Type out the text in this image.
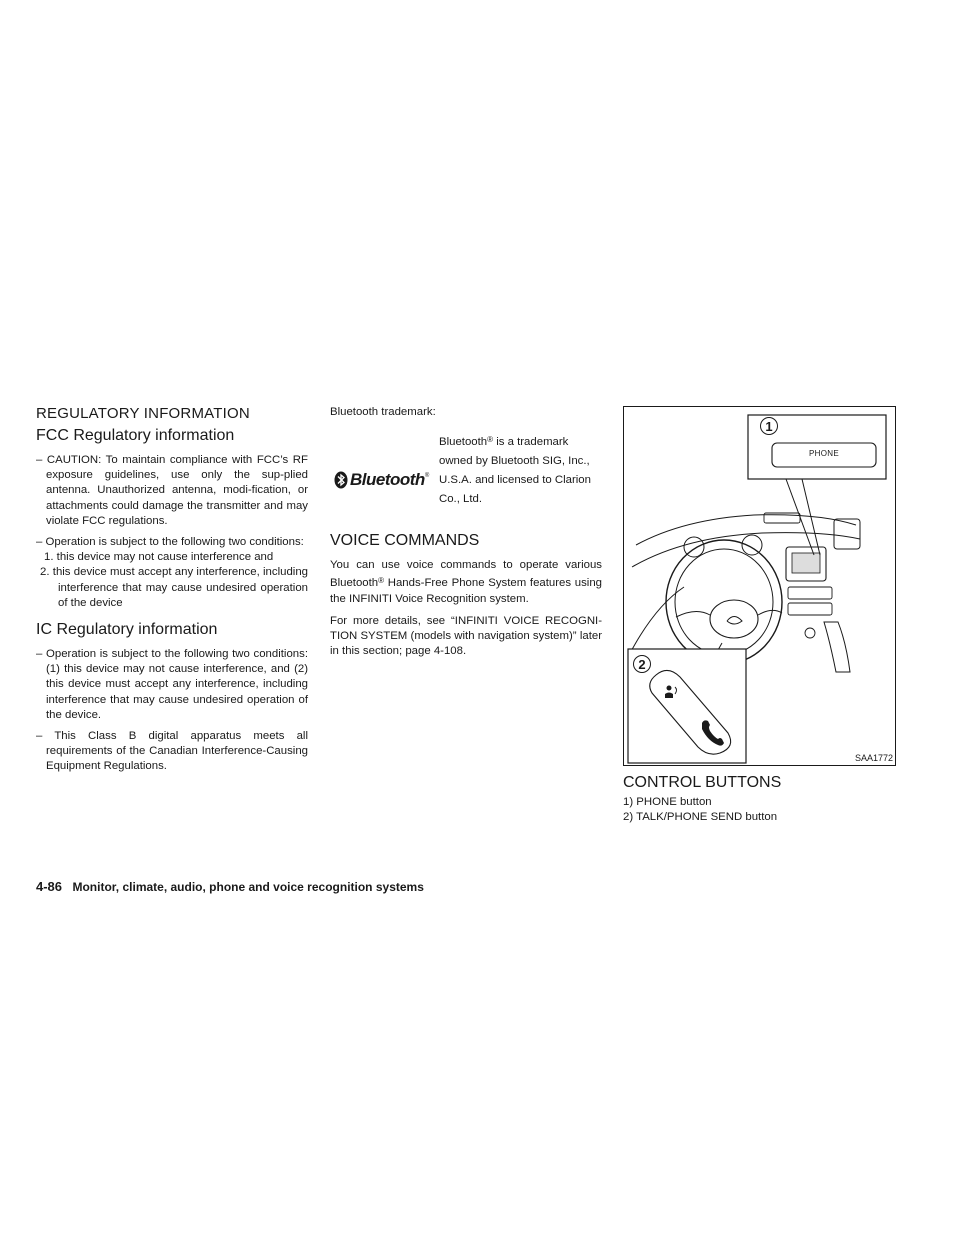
REGULATORY INFORMATION
FCC Regulatory information

– CAUTION: To maintain compliance with FCC’s RF exposure guidelines, use only the sup-plied antenna. Unauthorized antenna, modi-fication, or attachments could damage the transmitter and may violate FCC regulations.

– Operation is subject to the following two conditions:

1. this device may not cause interference and

2. this device must accept any interference, including interference that may cause undesired operation of the device

IC Regulatory information

– Operation is subject to the following two conditions: (1) this device may not cause interference, and (2) this device must accept any interference, including interference that may cause undesired operation of the device.

– This Class B digital apparatus meets all requirements of the Canadian Interference-Causing Equipment Regulations.

Bluetooth trademark:

Bluetooth ®

Bluetooth® is a trademark owned by Bluetooth SIG, Inc., U.S.A. and licensed to Clarion Co., Ltd.

VOICE COMMANDS

You can use voice commands to operate various Bluetooth® Hands-Free Phone System features using the INFINITI Voice Recognition system.

For more details, see “INFINITI VOICE RECOGNI-TION SYSTEM (models with navigation system)” later in this section; page 4-108.

1
PHONE
2
SAA1772
CONTROL BUTTONS

1) PHONE button

2) TALK/PHONE SEND button

4-86 Monitor, climate, audio, phone and voice recognition systems
